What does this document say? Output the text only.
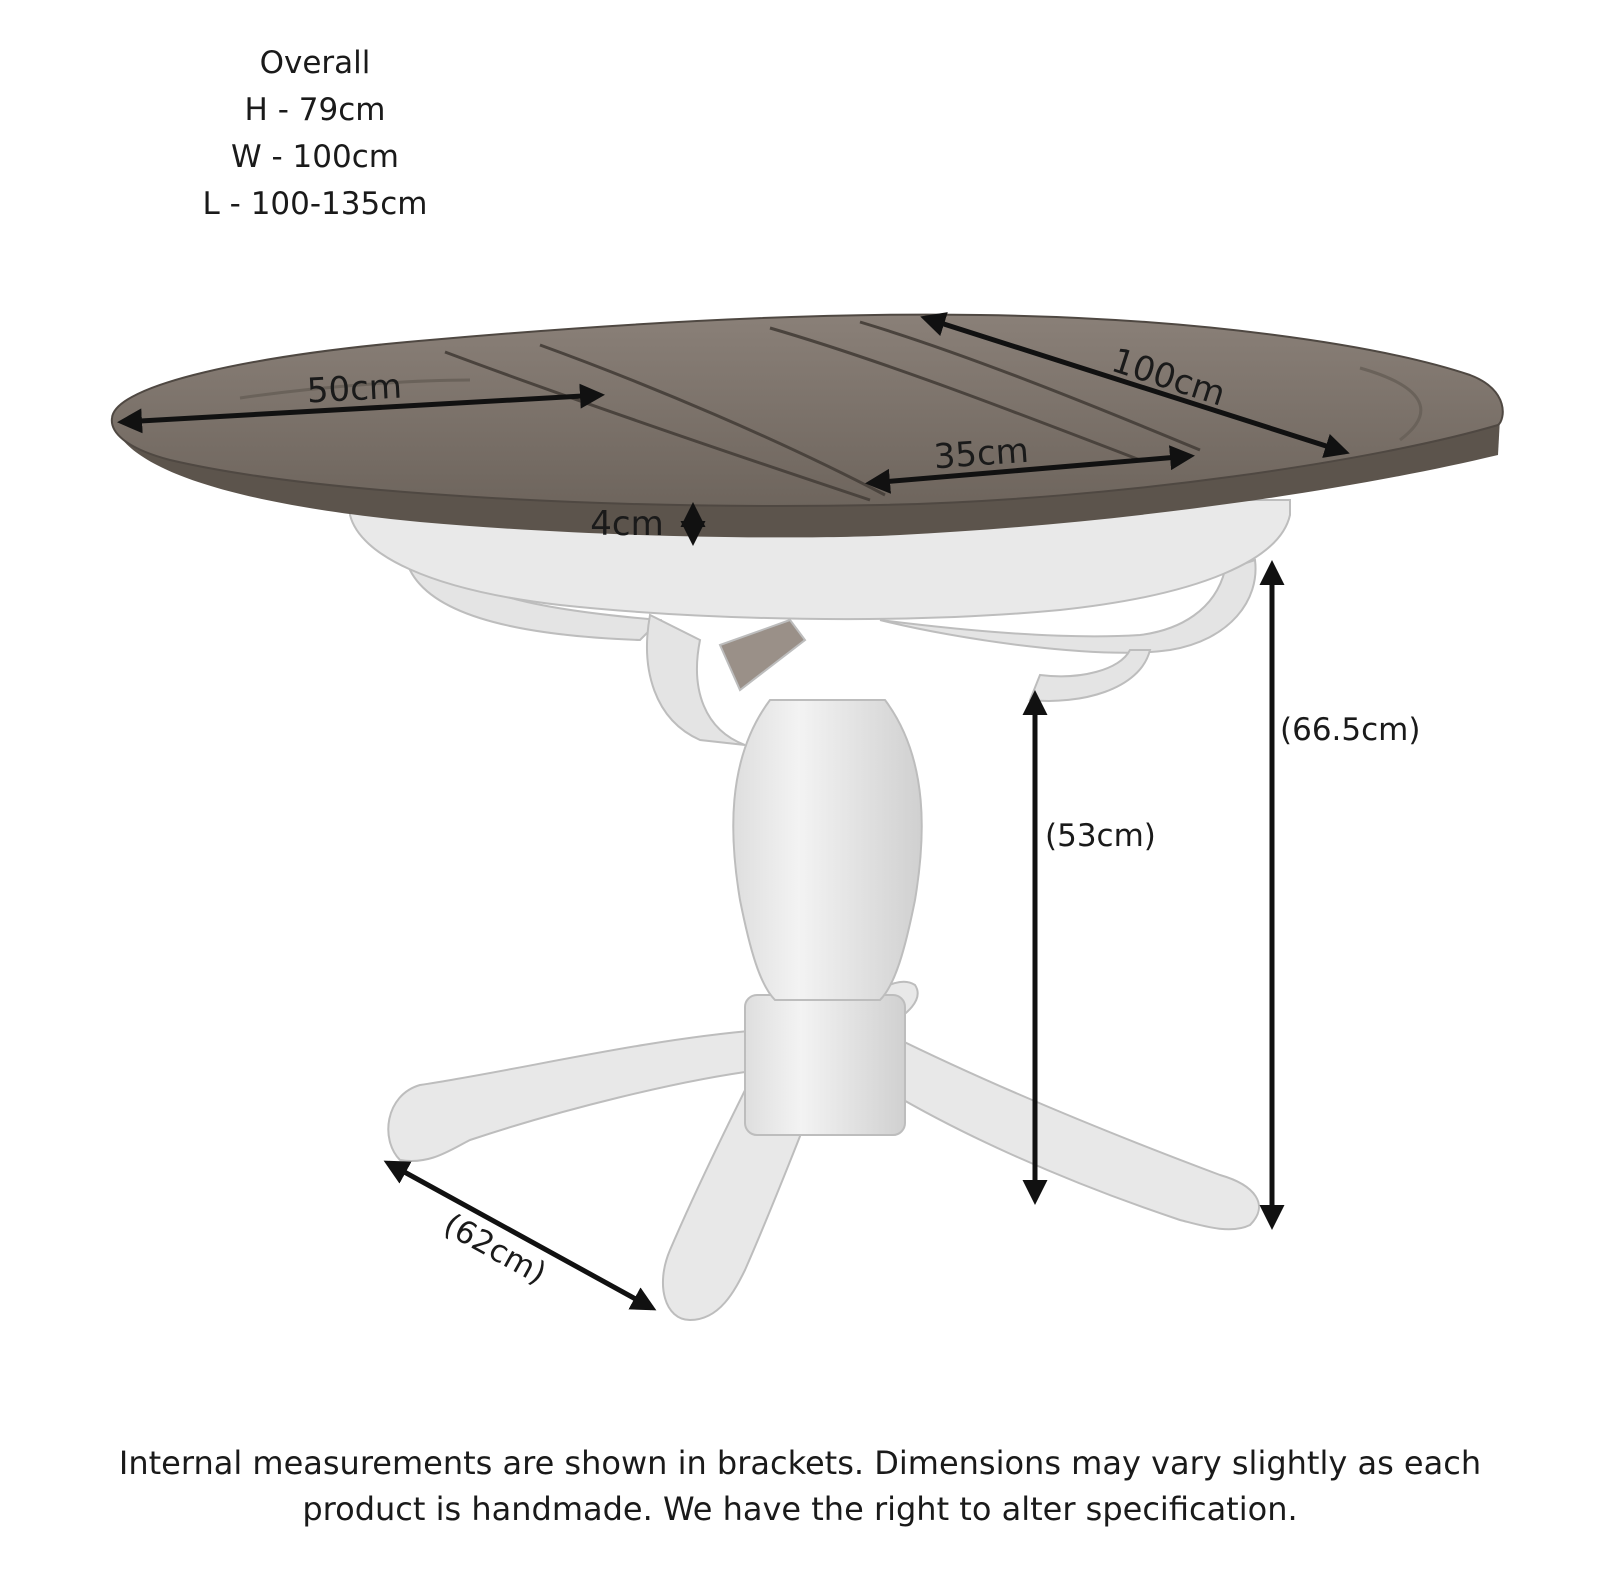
Overall
H - 79cm
W - 100cm
L - 100-135cm
50cm	100cm
35cm
4cm
(66.5cm)
(53cm)
(62cm)
Internal measurements are shown in brackets. Dimensions may vary slightly as each
product is handmade. We have the right to alter specification.
